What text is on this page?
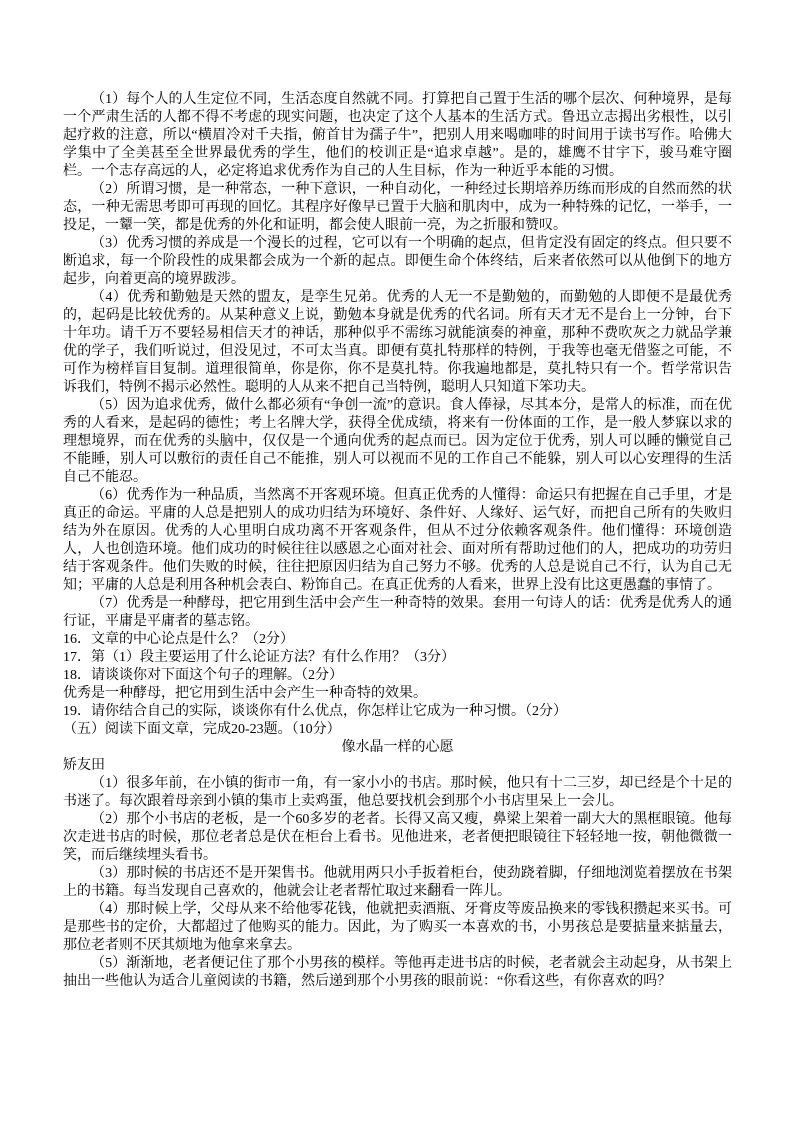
（1）每个人的人生定位不同，生活态度自然就不同。打算把自己置于生活的哪个层次、何种境界，是每一个严肃生活的人都不得不考虑的现实问题，也决定了这个人基本的生活方式。鲁迅立志揭出劣根性，以引起疗救的注意，所以“横眉冷对千夫指，俯首甘为孺子牛”，把别人用来喝咖啡的时间用于读书写作。哈佛大学集中了全美甚至全世界最优秀的学生，他们的校训正是“追求卓越”。是的，雄鹰不甘宇下，骏马难守圈栏。一个志存高远的人，必定将追求优秀作为自己的人生目标，作为一种近乎本能的习惯。

（2）所谓习惯，是一种常态，一种下意识，一种自动化，一种经过长期培养历练而形成的自然而然的状态，一种无需思考即可再现的回忆。其程序好像早已置于大脑和肌肉中，成为一种特殊的记忆，一举手，一投足，一颦一笑，都是优秀的外化和证明，都会使人眼前一亮，为之折服和赞叹。

（3）优秀习惯的养成是一个漫长的过程，它可以有一个明确的起点，但肯定没有固定的终点。但只要不断追求，每一个阶段性的成果都会成为一个新的起点。即便生命个体终结，后来者依然可以从他倒下的地方起步，向着更高的境界跋涉。

（4）优秀和勤勉是天然的盟友，是孪生兄弟。优秀的人无一不是勤勉的，而勤勉的人即便不是最优秀的，起码是比较优秀的。从某种意义上说，勤勉本身就是优秀的代名词。所有天才无不是台上一分钟，台下十年功。请千万不要轻易相信天才的神话，那种似乎不需练习就能演奏的神童，那种不费吹灰之力就品学兼优的学子，我们听说过，但没见过，不可太当真。即便有莫扎特那样的特例，于我等也毫无借鉴之可能，不可作为榜样盲目复制。道理很简单，你是你，你不是莫扎特。你我遍地都是，莫扎特只有一个。哲学常识告诉我们，特例不揭示必然性。聪明的人从来不把自己当特例，聪明人只知道下笨功夫。

（5）因为追求优秀，做什么都必须有“争创一流”的意识。食人俸禄，尽其本分，是常人的标准，而在优秀的人看来，是起码的德性；考上名牌大学，获得全优成绩，将来有一份体面的工作，是一般人梦寐以求的理想境界，而在优秀的头脑中，仅仅是一个通向优秀的起点而已。因为定位于优秀，别人可以睡的懒觉自己不能睡，别人可以敷衍的责任自己不能推，别人可以视而不见的工作自己不能躲，别人可以心安理得的生活自己不能忍。

（6）优秀作为一种品质，当然离不开客观环境。但真正优秀的人懂得：命运只有把握在自己手里，才是真正的命运。平庸的人总是把别人的成功归结为环境好、条件好、人缘好、运气好，而把自己所有的失败归结为外在原因。优秀的人心里明白成功离不开客观条件，但从不过分依赖客观条件。他们懂得：环境创造人，人也创造环境。他们成功的时候往往以感恩之心面对社会、面对所有帮助过他们的人，把成功的功劳归结于客观条件。他们失败的时候，往往把原因归结为自己努力不够。优秀的人总是说自己不行，认为自己无知；平庸的人总是利用各种机会表白、粉饰自己。在真正优秀的人看来，世界上没有比这更愚蠢的事情了。

（7）优秀是一种酵母，把它用到生活中会产生一种奇特的效果。套用一句诗人的话：优秀是优秀人的通行证，平庸是平庸者的墓志铭。

16．文章的中心论点是什么？（2分）

17．第（1）段主要运用了什么论证方法？有什么作用？（3分）

18．请谈谈你对下面这个句子的理解。（2分）

优秀是一种酵母，把它用到生活中会产生一种奇特的效果。

19．请你结合自己的实际，谈谈你有什么优点，你怎样让它成为一种习惯。（2分）

（五）阅读下面文章，完成20-23题。（10分）

像水晶一样的心愿

矫友田

（1）很多年前，在小镇的街市一角，有一家小小的书店。那时候，他只有十二三岁，却已经是个十足的书迷了。每次跟着母亲到小镇的集市上卖鸡蛋，他总要找机会到那个小书店里呆上一会儿。

（2）那个小书店的老板，是一个60多岁的老者。长得又高又瘦，鼻梁上架着一副大大的黑框眼镜。他每次走进书店的时候，那位老者总是伏在柜台上看书。见他进来，老者便把眼镜往下轻轻地一按，朝他微微一笑，而后继续埋头看书。

（3）那时候的书店还不是开架售书。他就用两只小手扳着柜台，使劲跷着脚，仔细地浏览着摆放在书架上的书籍。每当发现自己喜欢的，他就会让老者帮忙取过来翻看一阵儿。

（4）那时候上学，父母从来不给他零花钱，他就把卖酒瓶、牙膏皮等废品换来的零钱积攒起来买书。可是那些书的定价，大都超过了他购买的能力。因此，为了购买一本喜欢的书，小男孩总是要掂量来掂量去，那位老者则不厌其烦地为他拿来拿去。

（5）渐渐地，老者便记住了那个小男孩的模样。等他再走进书店的时候，老者就会主动起身，从书架上抽出一些他认为适合儿童阅读的书籍，然后递到那个小男孩的眼前说：“你看这些，有你喜欢的吗？
